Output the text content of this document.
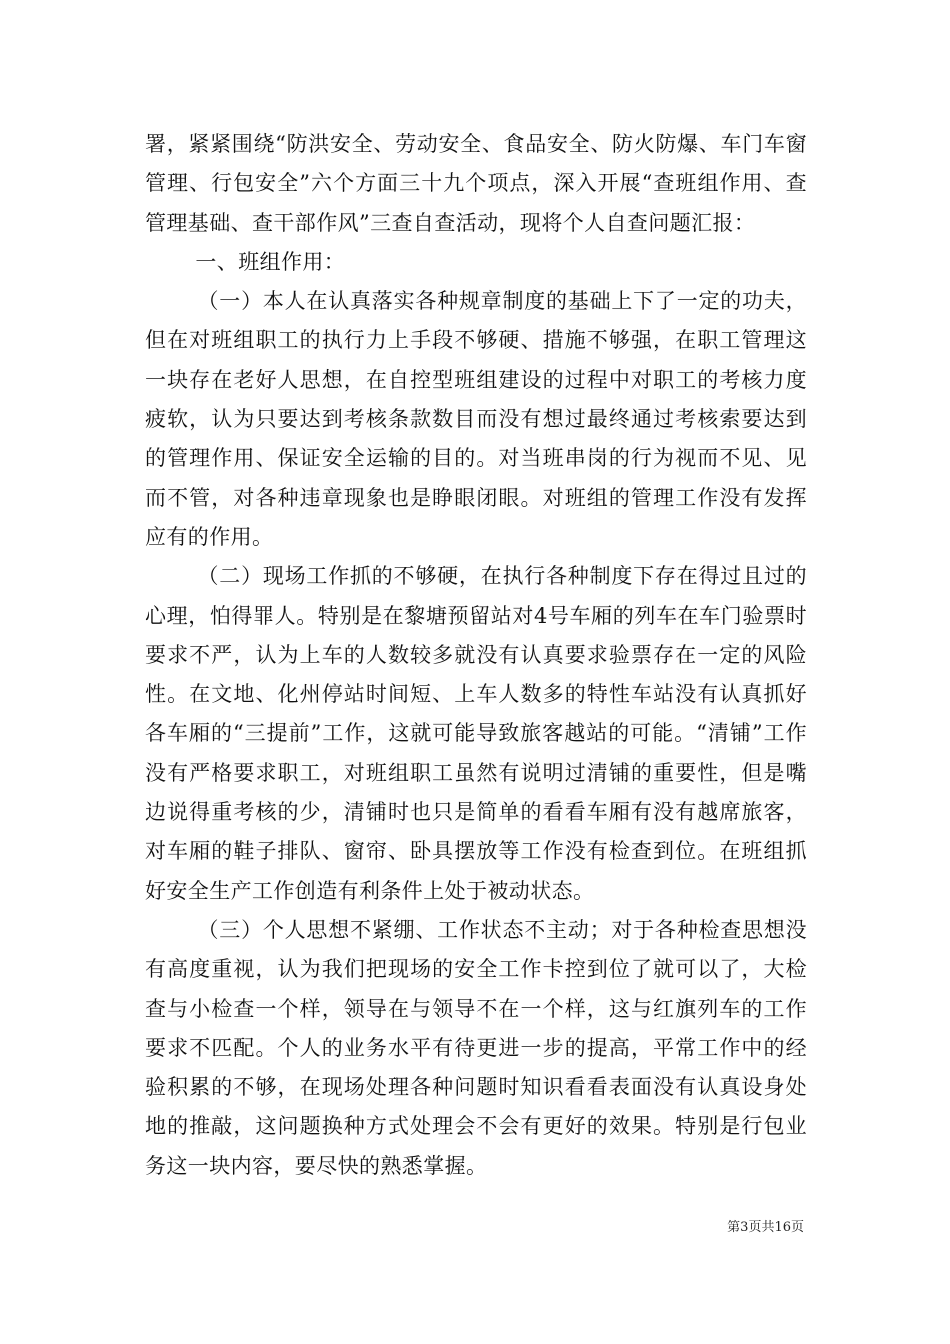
署，紧紧围绕“防洪安全、劳动安全、食品安全、防火防爆、车门车窗管理、行包安全”六个方面三十九个项点，深入开展“查班组作用、查管理基础、查干部作风”三查自查活动，现将个人自查问题汇报：

一、班组作用：

（一）本人在认真落实各种规章制度的基础上下了一定的功夫，但在对班组职工的执行力上手段不够硬、措施不够强，在职工管理这一块存在老好人思想，在自控型班组建设的过程中对职工的考核力度疲软，认为只要达到考核条款数目而没有想过最终通过考核索要达到的管理作用、保证安全运输的目的。对当班串岗的行为视而不见、见而不管，对各种违章现象也是睁眼闭眼。对班组的管理工作没有发挥应有的作用。

（二）现场工作抓的不够硬，在执行各种制度下存在得过且过的心理，怕得罪人。特别是在黎塘预留站对4号车厢的列车在车门验票时要求不严，认为上车的人数较多就没有认真要求验票存在一定的风险性。在文地、化州停站时间短、上车人数多的特性车站没有认真抓好各车厢的“三提前”工作，这就可能导致旅客越站的可能。“清铺”工作没有严格要求职工，对班组职工虽然有说明过清铺的重要性，但是嘴边说得重考核的少，清铺时也只是简单的看看车厢有没有越席旅客，对车厢的鞋子排队、窗帘、卧具摆放等工作没有检查到位。在班组抓好安全生产工作创造有利条件上处于被动状态。

（三）个人思想不紧绷、工作状态不主动；对于各种检查思想没有高度重视，认为我们把现场的安全工作卡控到位了就可以了，大检查与小检查一个样，领导在与领导不在一个样，这与红旗列车的工作要求不匹配。个人的业务水平有待更进一步的提高，平常工作中的经验积累的不够，在现场处理各种问题时知识看看表面没有认真设身处地的推敲，这问题换种方式处理会不会有更好的效果。特别是行包业务这一块内容，要尽快的熟悉掌握。

第3页共16页
